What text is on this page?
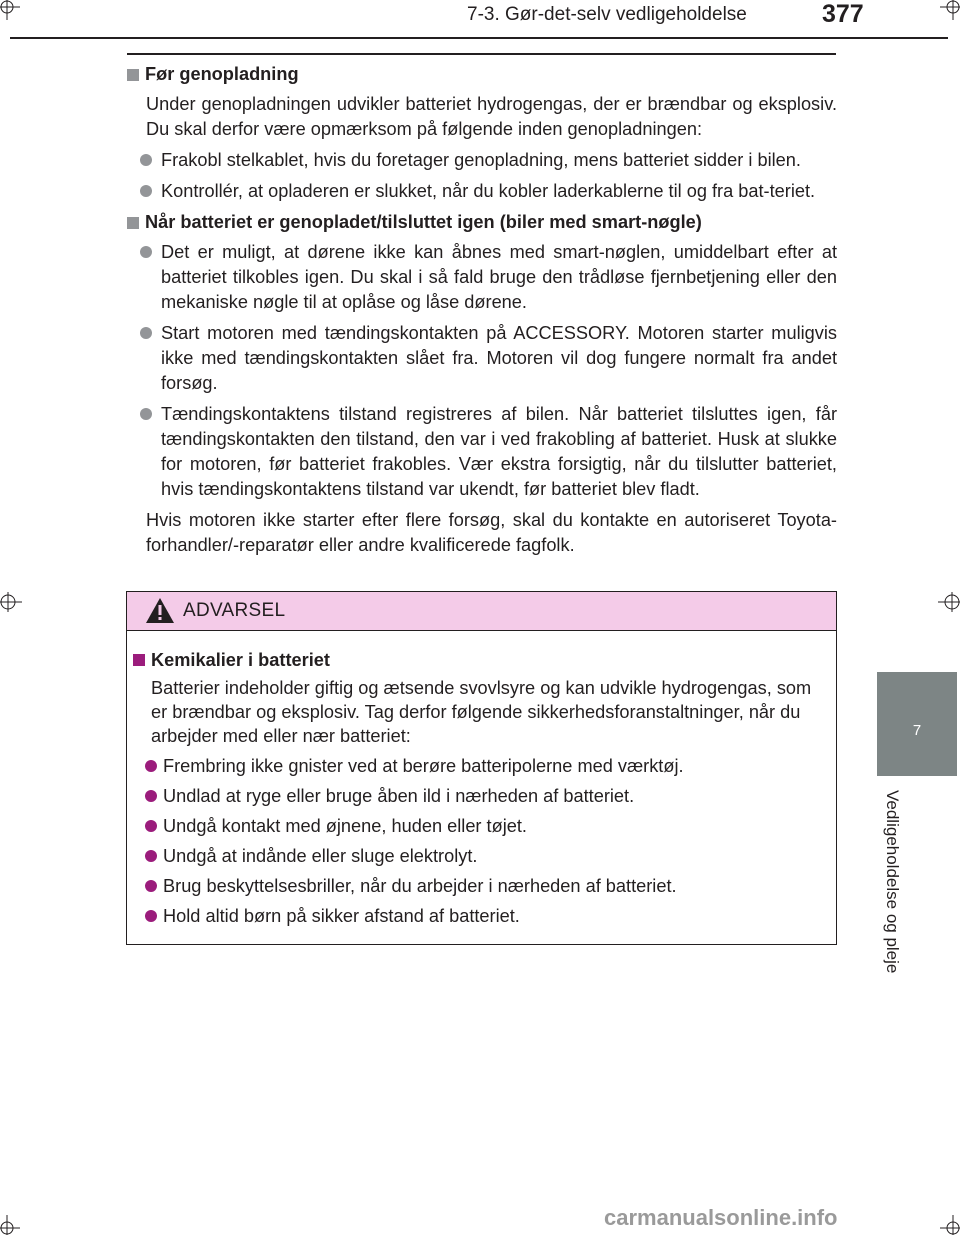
7-3. Gør-det-selv vedligeholdelse	377
Før genopladning

Under genopladningen udvikler batteriet hydrogengas, der er brændbar og eksplosiv. Du skal derfor være opmærksom på følgende inden genopladningen:

Frakobl stelkablet, hvis du foretager genopladning, mens batteriet sidder i bilen.
Kontrollér, at opladeren er slukket, når du kobler laderkablerne til og fra bat-teriet.
Når batteriet er genopladet/tilsluttet igen (biler med smart-nøgle)
Det er muligt, at dørene ikke kan åbnes med smart-nøglen, umiddelbart efter at batteriet tilkobles igen. Du skal i så fald bruge den trådløse fjernbetjening eller den mekaniske nøgle til at oplåse og låse dørene.
Start motoren med tændingskontakten på ACCESSORY. Motoren starter muligvis ikke med tændingskontakten slået fra. Motoren vil dog fungere normalt fra andet forsøg.
Tændingskontaktens tilstand registreres af bilen. Når batteriet tilsluttes igen, får tændingskontakten den tilstand, den var i ved frakobling af batteriet. Husk at slukke for motoren, før batteriet frakobles. Vær ekstra forsigtig, når du tilslutter batteriet, hvis tændingskontaktens tilstand var ukendt, før batteriet blev fladt.

Hvis motoren ikke starter efter flere forsøg, skal du kontakte en autoriseret Toyota-forhandler/-reparatør eller andre kvalificerede fagfolk.

ADVARSEL
Kemikalier i batteriet

Batterier indeholder giftig og ætsende svovlsyre og kan udvikle hydrogengas, som er brændbar og eksplosiv. Tag derfor følgende sikkerhedsforanstaltninger, når du arbejder med eller nær batteriet:

Frembring ikke gnister ved at berøre batteripolerne med værktøj.
Undlad at ryge eller bruge åben ild i nærheden af batteriet.
Undgå kontakt med øjnene, huden eller tøjet.
Undgå at indånde eller sluge elektrolyt.
Brug beskyttelsesbriller, når du arbejder i nærheden af batteriet.
Hold altid børn på sikker afstand af batteriet.
7
Vedligeholdelse og pleje
carmanualsonline.info
